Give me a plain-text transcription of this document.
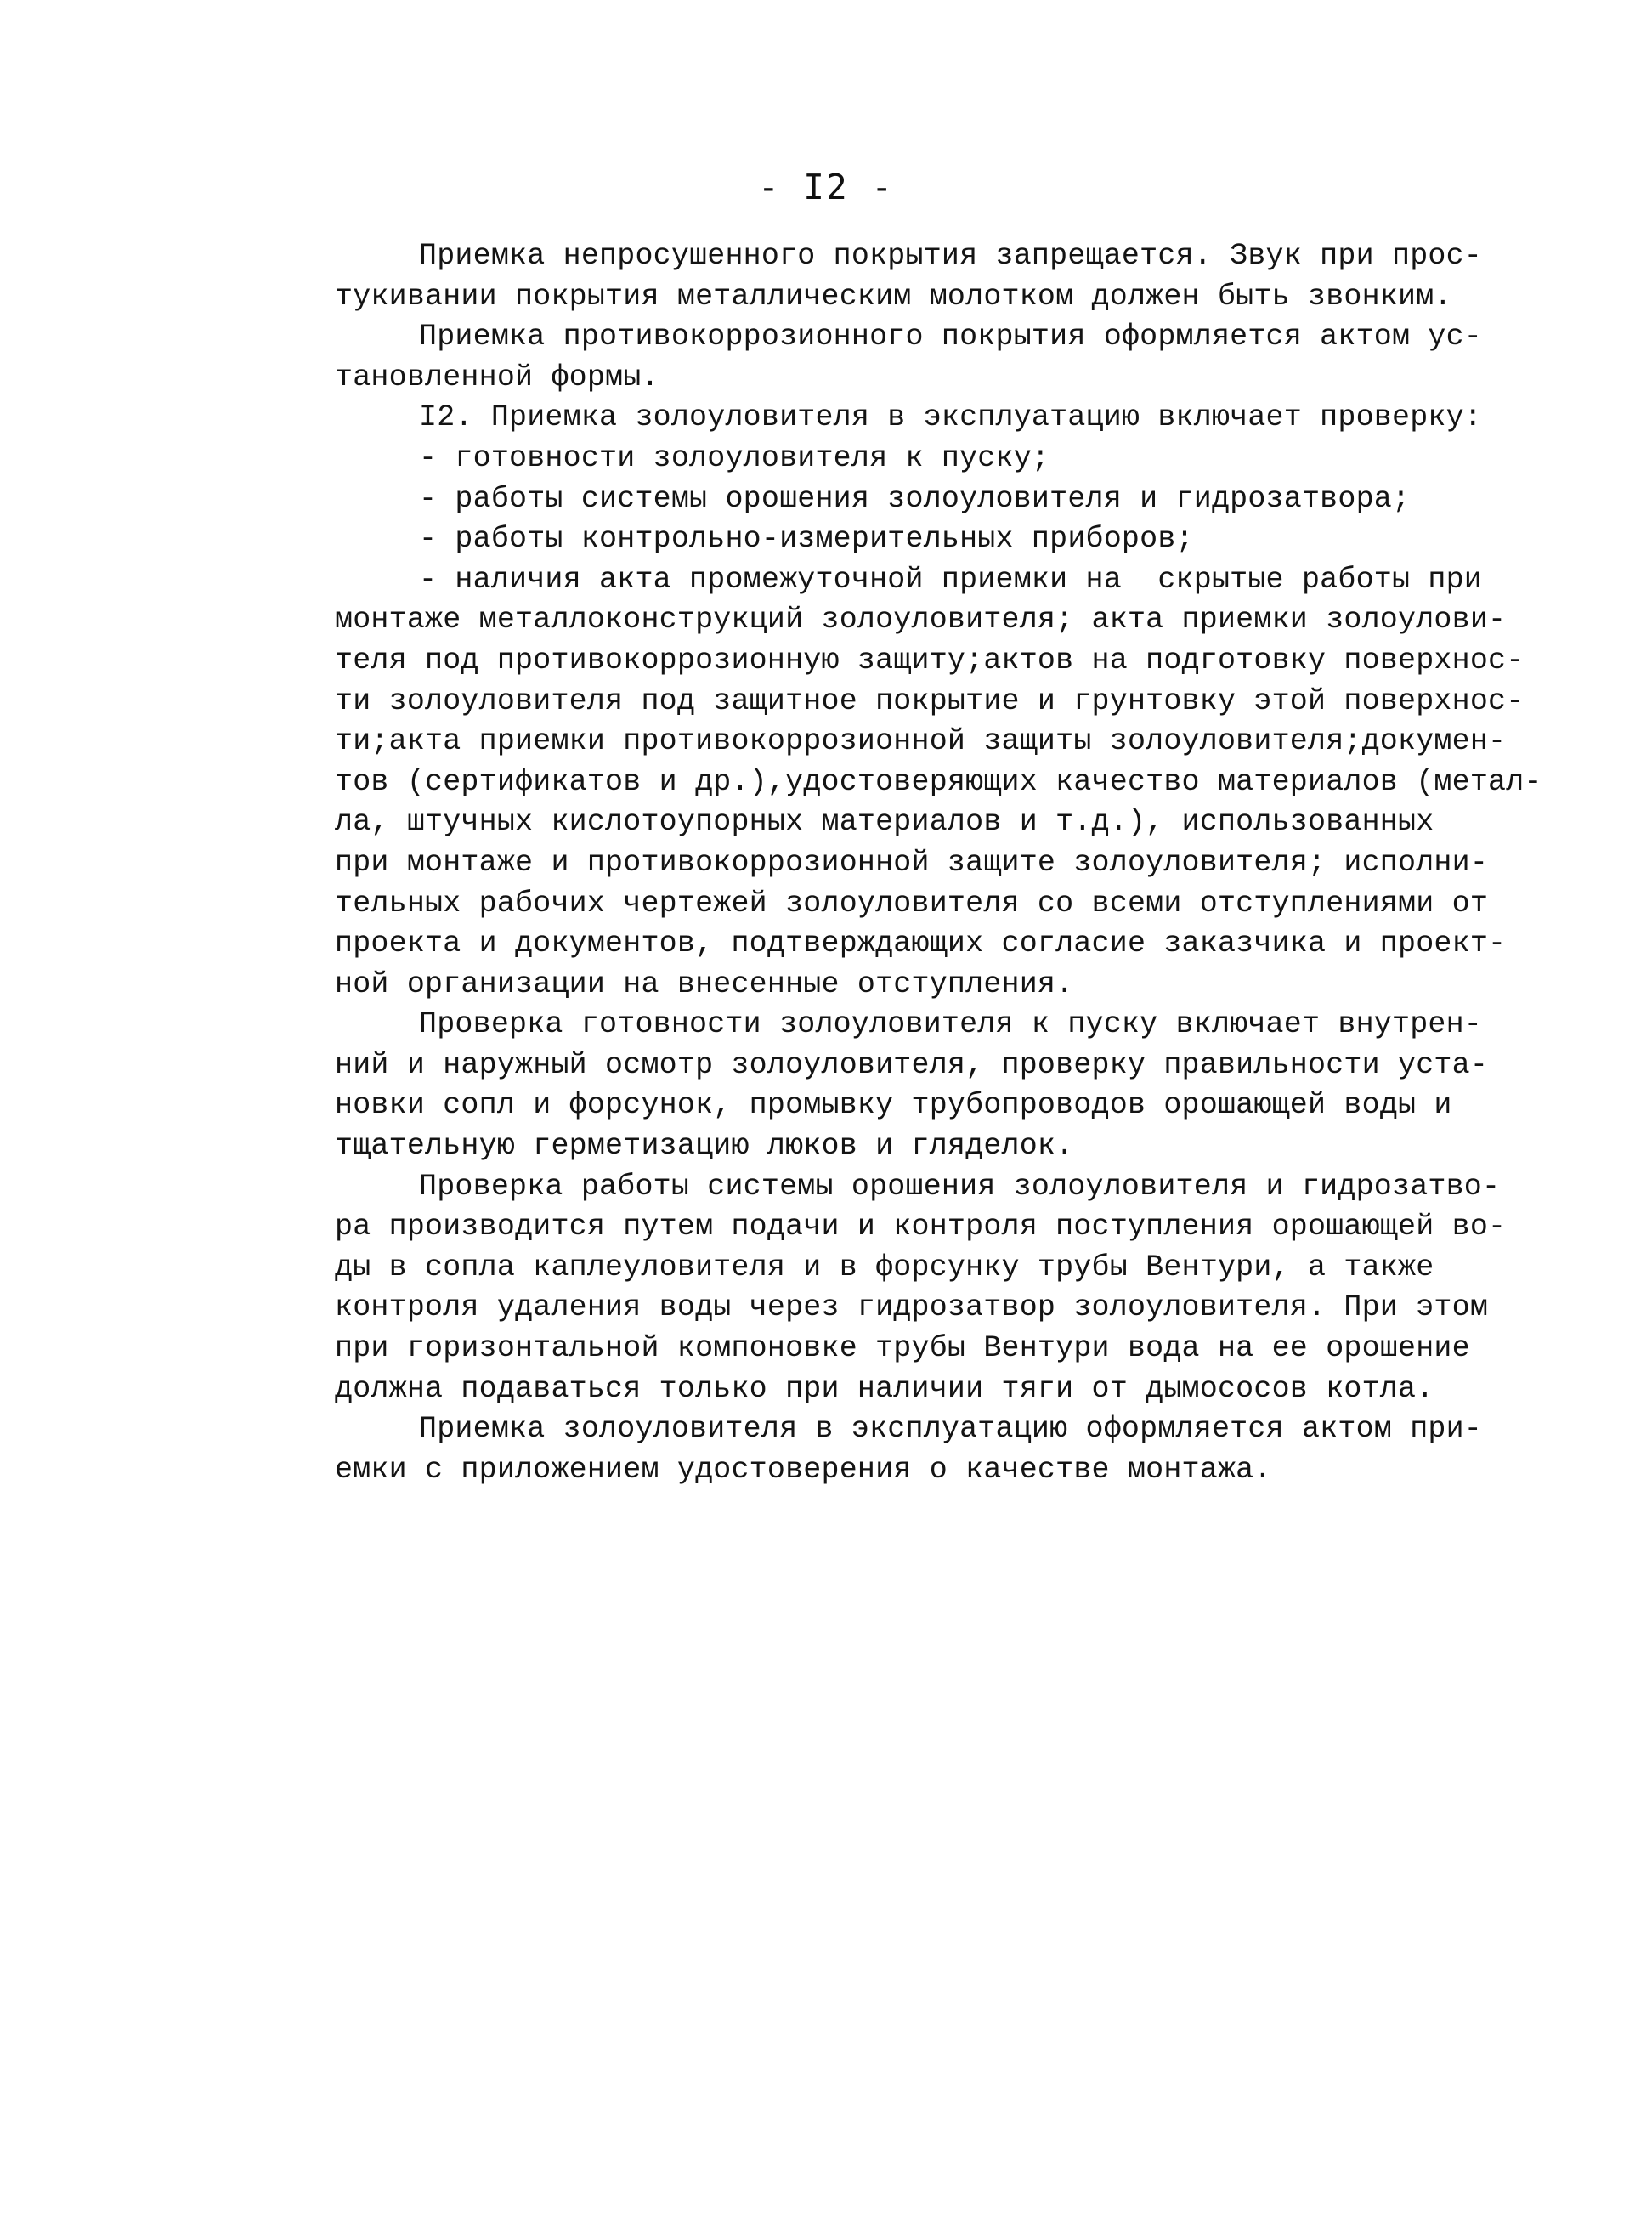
- I2 -
Приемка непросушенного покрытия запрещается. Звук при прос-
тукивании покрытия металлическим молотком должен быть звонким.
Приемка противокоррозионного покрытия оформляется актом ус-
тановленной формы.
I2. Приемка золоуловителя в эксплуатацию включает проверку:
- готовности золоуловителя к пуску;
- работы системы орошения золоуловителя и гидрозатвора;
- работы контрольно-измерительных приборов;
- наличия акта промежуточной приемки на  скрытые работы при
монтаже металлоконструкций золоуловителя; акта приемки золоулови-
теля под противокоррозионную защиту;актов на подготовку поверхнос-
ти золоуловителя под защитное покрытие и грунтовку этой поверхнос-
ти;акта приемки противокоррозионной защиты золоуловителя;докумен-
тов (сертификатов и др.),удостоверяющих качество материалов (метал-
ла, штучных кислотоупорных материалов и т.д.), использованных
при монтаже и противокоррозионной защите золоуловителя; исполни-
тельных рабочих чертежей золоуловителя со всеми отступлениями от
проекта и документов, подтверждающих согласие заказчика и проект-
ной организации на внесенные отступления.
Проверка готовности золоуловителя к пуску включает внутрен-
ний и наружный осмотр золоуловителя, проверку правильности уста-
новки сопл и форсунок, промывку трубопроводов орошающей воды и
тщательную герметизацию люков и гляделок.
Проверка работы системы орошения золоуловителя и гидрозатво-
ра производится путем подачи и контроля поступления орошающей во-
ды в сопла каплеуловителя и в форсунку трубы Вентури, а также
контроля удаления воды через гидрозатвор золоуловителя. При этом
при горизонтальной компоновке трубы Вентури вода на ее орошение
должна подаваться только при наличии тяги от дымососов котла.
Приемка золоуловителя в эксплуатацию оформляется актом при-
емки с приложением удостоверения о качестве монтажа.
